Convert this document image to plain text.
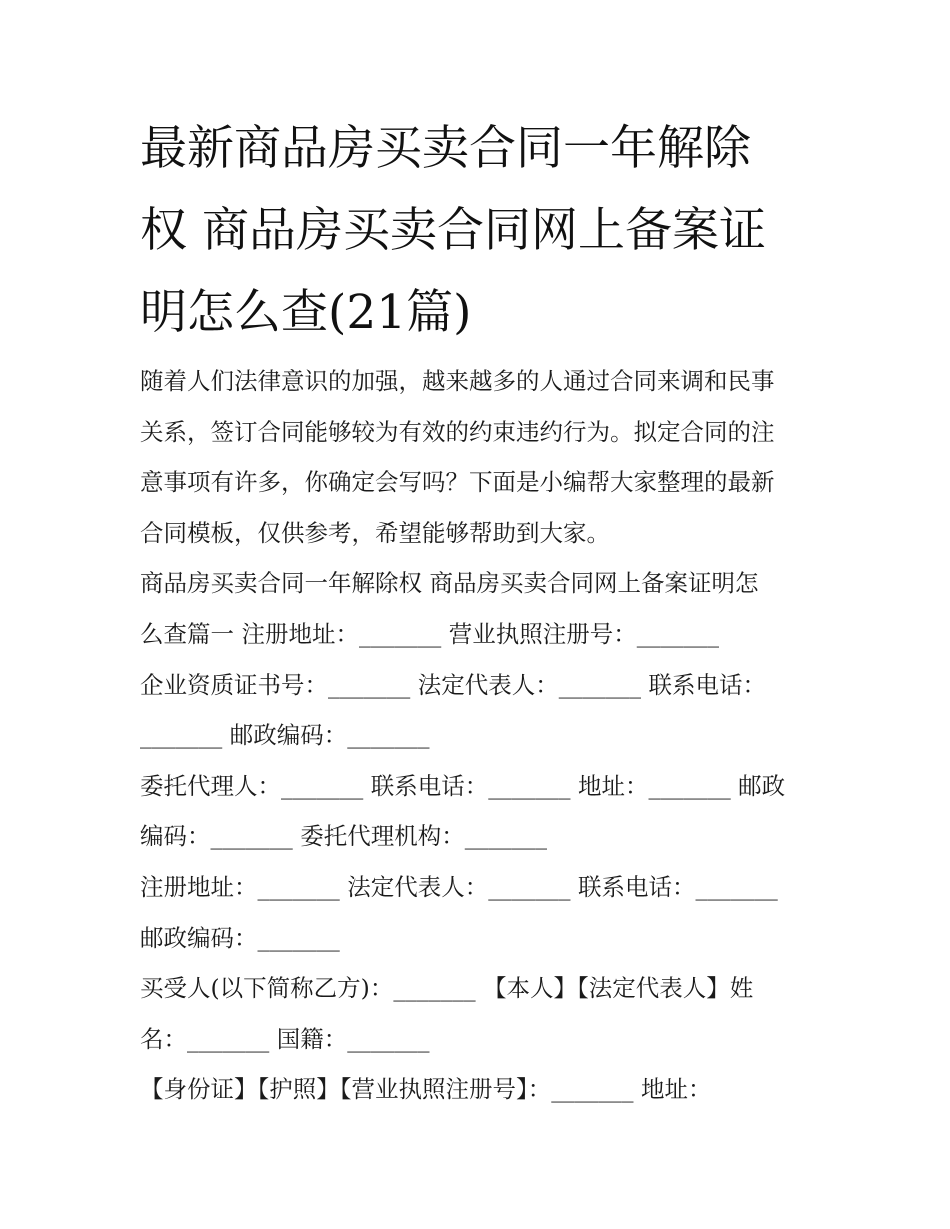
最新商品房买卖合同一年解除
权 商品房买卖合同网上备案证
明怎么查(21篇)

随着人们法律意识的加强，越来越多的人通过合同来调和民事

关系，签订合同能够较为有效的约束违约行为。拟定合同的注

意事项有许多，你确定会写吗？下面是小编帮大家整理的最新

合同模板，仅供参考，希望能够帮助到大家。

商品房买卖合同一年解除权 商品房买卖合同网上备案证明怎

么查篇一 注册地址：_______ 营业执照注册号：_______

企业资质证书号：_______ 法定代表人：_______ 联系电话：

_______ 邮政编码：_______

委托代理人：_______ 联系电话：_______ 地址：_______ 邮政

编码：_______ 委托代理机构：_______

注册地址：_______ 法定代表人：_______ 联系电话：_______

邮政编码：_______

买受人(以下简称乙方)：_______ 【本人】【法定代表人】姓

名：_______ 国籍：_______

【身份证】【护照】【营业执照注册号】：_______ 地址：
